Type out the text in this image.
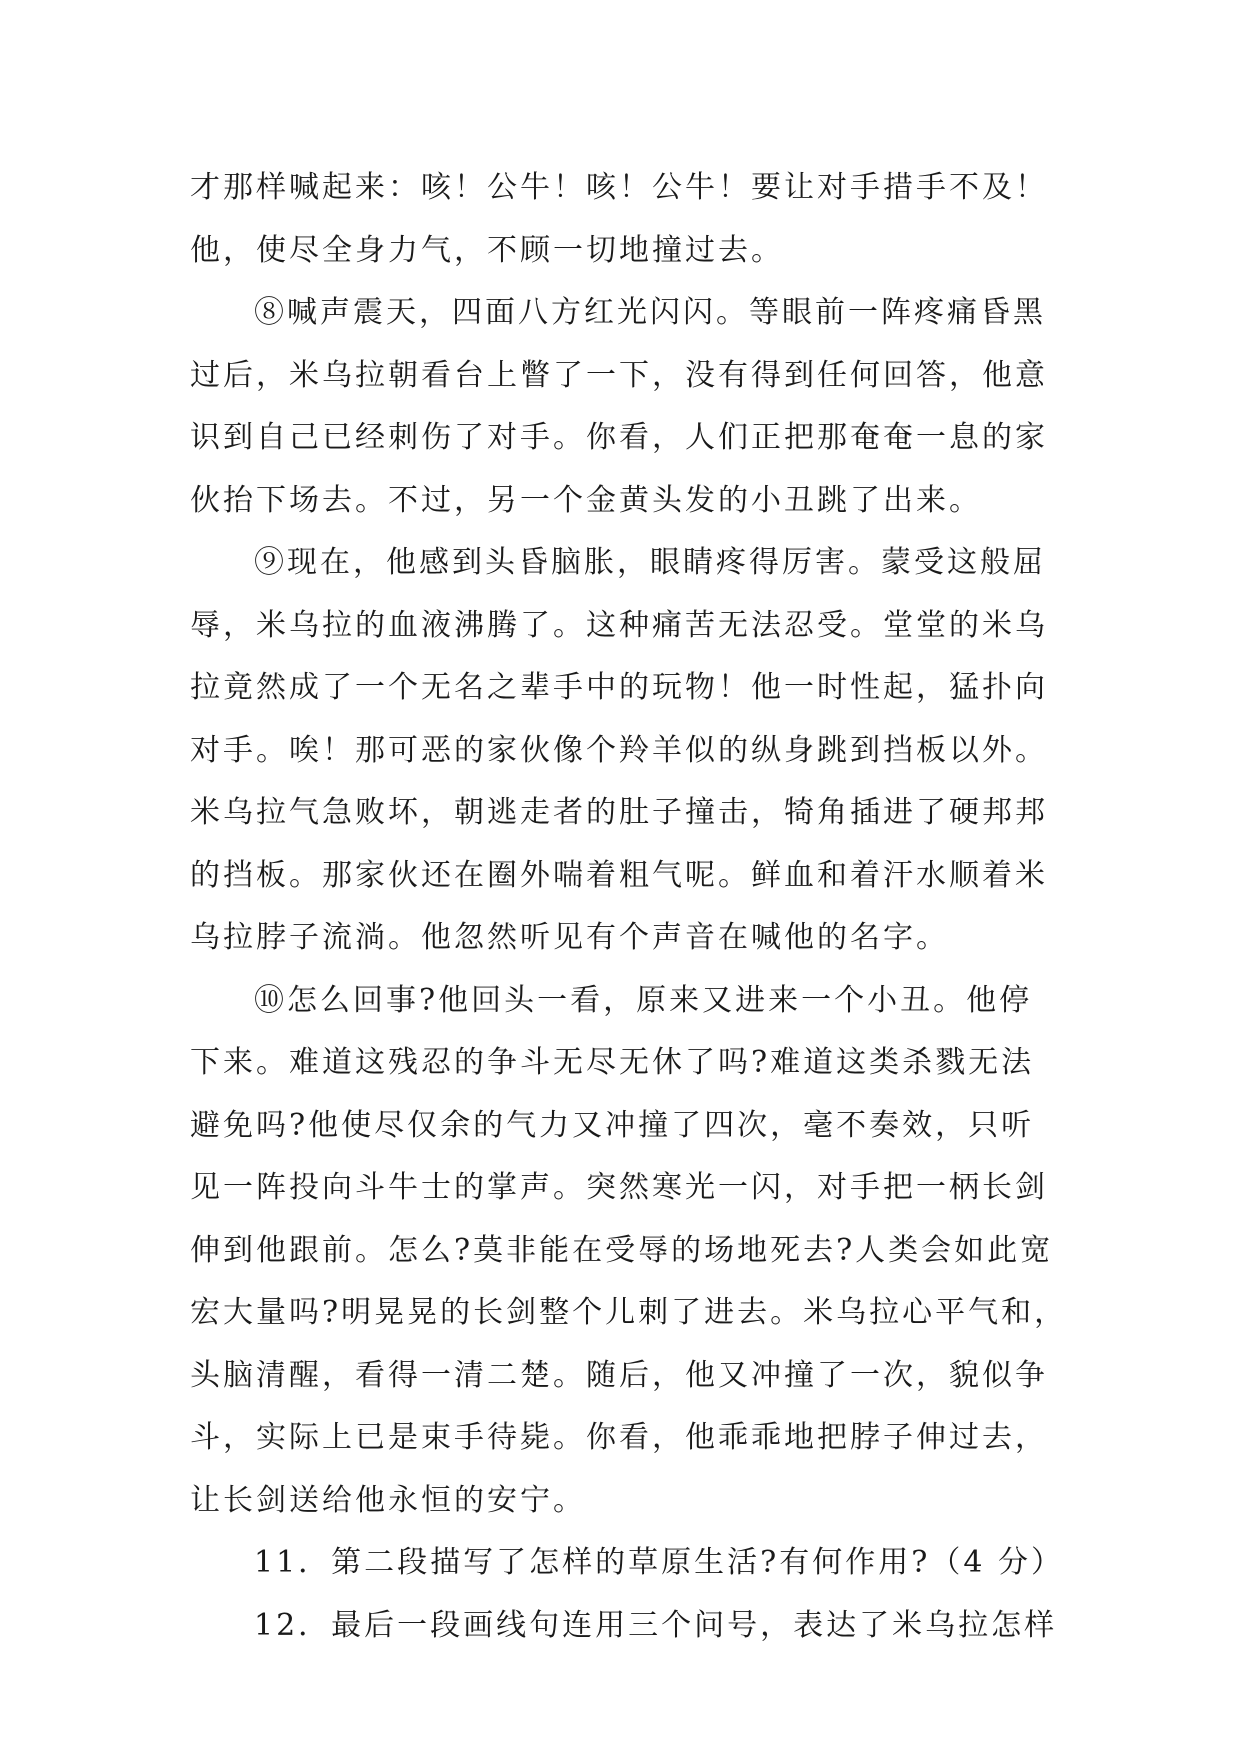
才那样喊起来：咳！公牛！咳！公牛！要让对手措手不及！
他，使尽全身力气，不顾一切地撞过去。
⑧喊声震天，四面八方红光闪闪。等眼前一阵疼痛昏黑
过后，米乌拉朝看台上瞥了一下，没有得到任何回答，他意
识到自己已经刺伤了对手。你看，人们正把那奄奄一息的家
伙抬下场去。不过，另一个金黄头发的小丑跳了出来。
⑨现在，他感到头昏脑胀，眼睛疼得厉害。蒙受这般屈
辱，米乌拉的血液沸腾了。这种痛苦无法忍受。堂堂的米乌
拉竟然成了一个无名之辈手中的玩物！他一时性起，猛扑向
对手。唉！那可恶的家伙像个羚羊似的纵身跳到挡板以外。
米乌拉气急败坏，朝逃走者的肚子撞击，犄角插进了硬邦邦
的挡板。那家伙还在圈外喘着粗气呢。鲜血和着汗水顺着米
乌拉脖子流淌。他忽然听见有个声音在喊他的名字。
⑩怎么回事?他回头一看，原来又进来一个小丑。他停
下来。难道这残忍的争斗无尽无休了吗?难道这类杀戮无法
避免吗?他使尽仅余的气力又冲撞了四次，毫不奏效，只听
见一阵投向斗牛士的掌声。突然寒光一闪，对手把一柄长剑
伸到他跟前。怎么?莫非能在受辱的场地死去?人类会如此宽
宏大量吗?明晃晃的长剑整个儿刺了进去。米乌拉心平气和，
头脑清醒，看得一清二楚。随后，他又冲撞了一次，貌似争
斗，实际上已是束手待毙。你看，他乖乖地把脖子伸过去，
让长剑送给他永恒的安宁。
11．第二段描写了怎样的草原生活?有何作用?（4 分）
12．最后一段画线句连用三个问号，表达了米乌拉怎样
